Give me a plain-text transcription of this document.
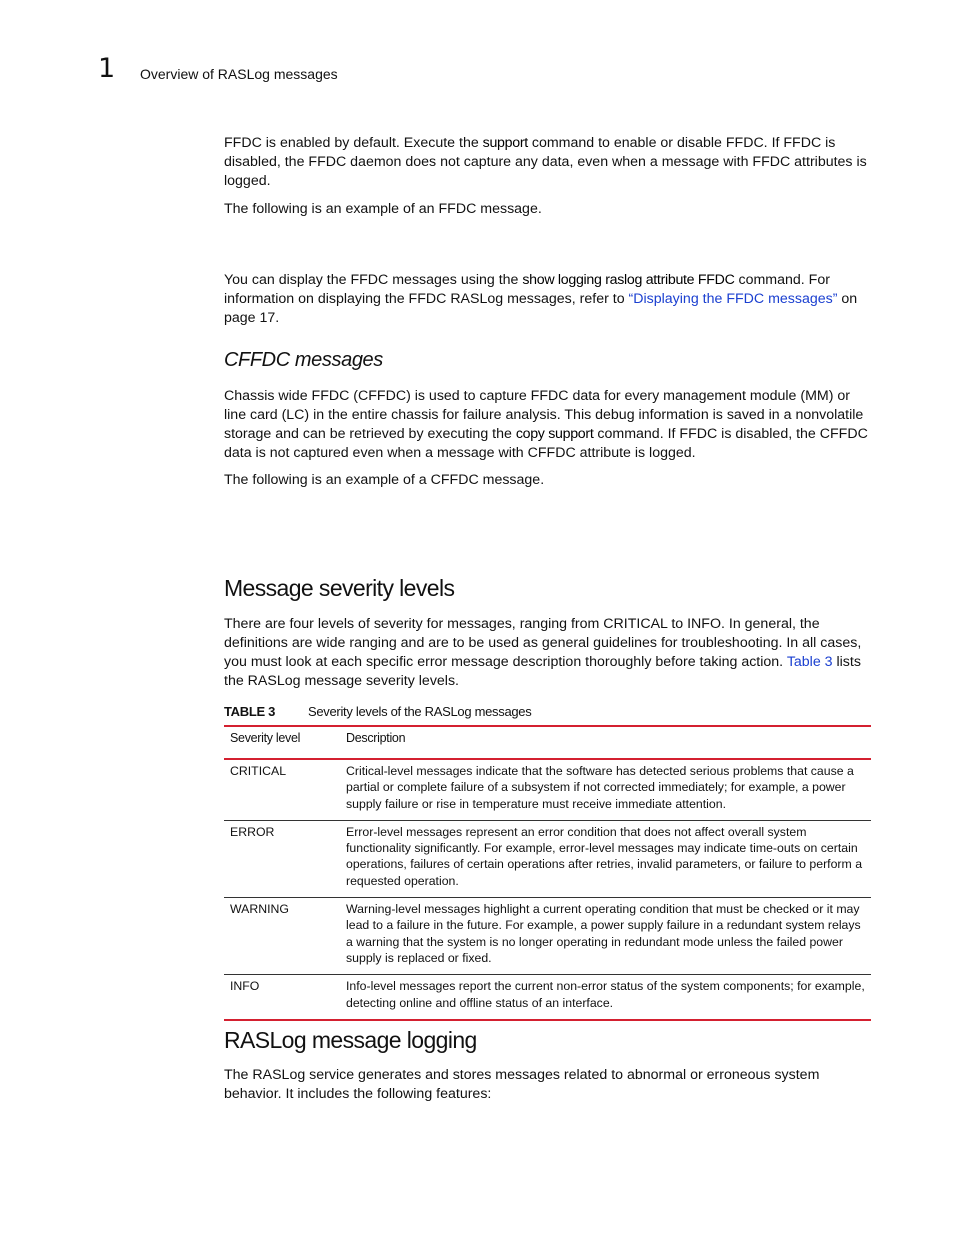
1 Overview of RASLog messages

FFDC is enabled by default. Execute the support command to enable or disable FFDC. If FFDC is disabled, the FFDC daemon does not capture any data, even when a message with FFDC attributes is logged.

The following is an example of an FFDC message.

You can display the FFDC messages using the show logging raslog attribute FFDC command. For information on displaying the FFDC RASLog messages, refer to “Displaying the FFDC messages” on page 17.

CFFDC messages

Chassis wide FFDC (CFFDC) is used to capture FFDC data for every management module (MM) or line card (LC) in the entire chassis for failure analysis. This debug information is saved in a nonvolatile storage and can be retrieved by executing the copy support command. If FFDC is disabled, the CFFDC data is not captured even when a message with CFFDC attribute is logged.

The following is an example of a CFFDC message.

Message severity levels

There are four levels of severity for messages, ranging from CRITICAL to INFO. In general, the definitions are wide ranging and are to be used as general guidelines for troubleshooting. In all cases, you must look at each specific error message description thoroughly before taking action. Table 3 lists the RASLog message severity levels.

TABLE 3	Severity levels of the RASLog messages
Severity level	Description
CRITICAL	Critical-level messages indicate that the software has detected serious problems that cause a partial or complete failure of a subsystem if not corrected immediately; for example, a power supply failure or rise in temperature must receive immediate attention.
ERROR	Error-level messages represent an error condition that does not affect overall system functionality significantly. For example, error-level messages may indicate time-outs on certain operations, failures of certain operations after retries, invalid parameters, or failure to perform a requested operation.
WARNING	Warning-level messages highlight a current operating condition that must be checked or it may lead to a failure in the future. For example, a power supply failure in a redundant system relays a warning that the system is no longer operating in redundant mode unless the failed power supply is replaced or fixed.
INFO	Info-level messages report the current non-error status of the system components; for example, detecting online and offline status of an interface.
RASLog message logging

The RASLog service generates and stores messages related to abnormal or erroneous system behavior. It includes the following features:
